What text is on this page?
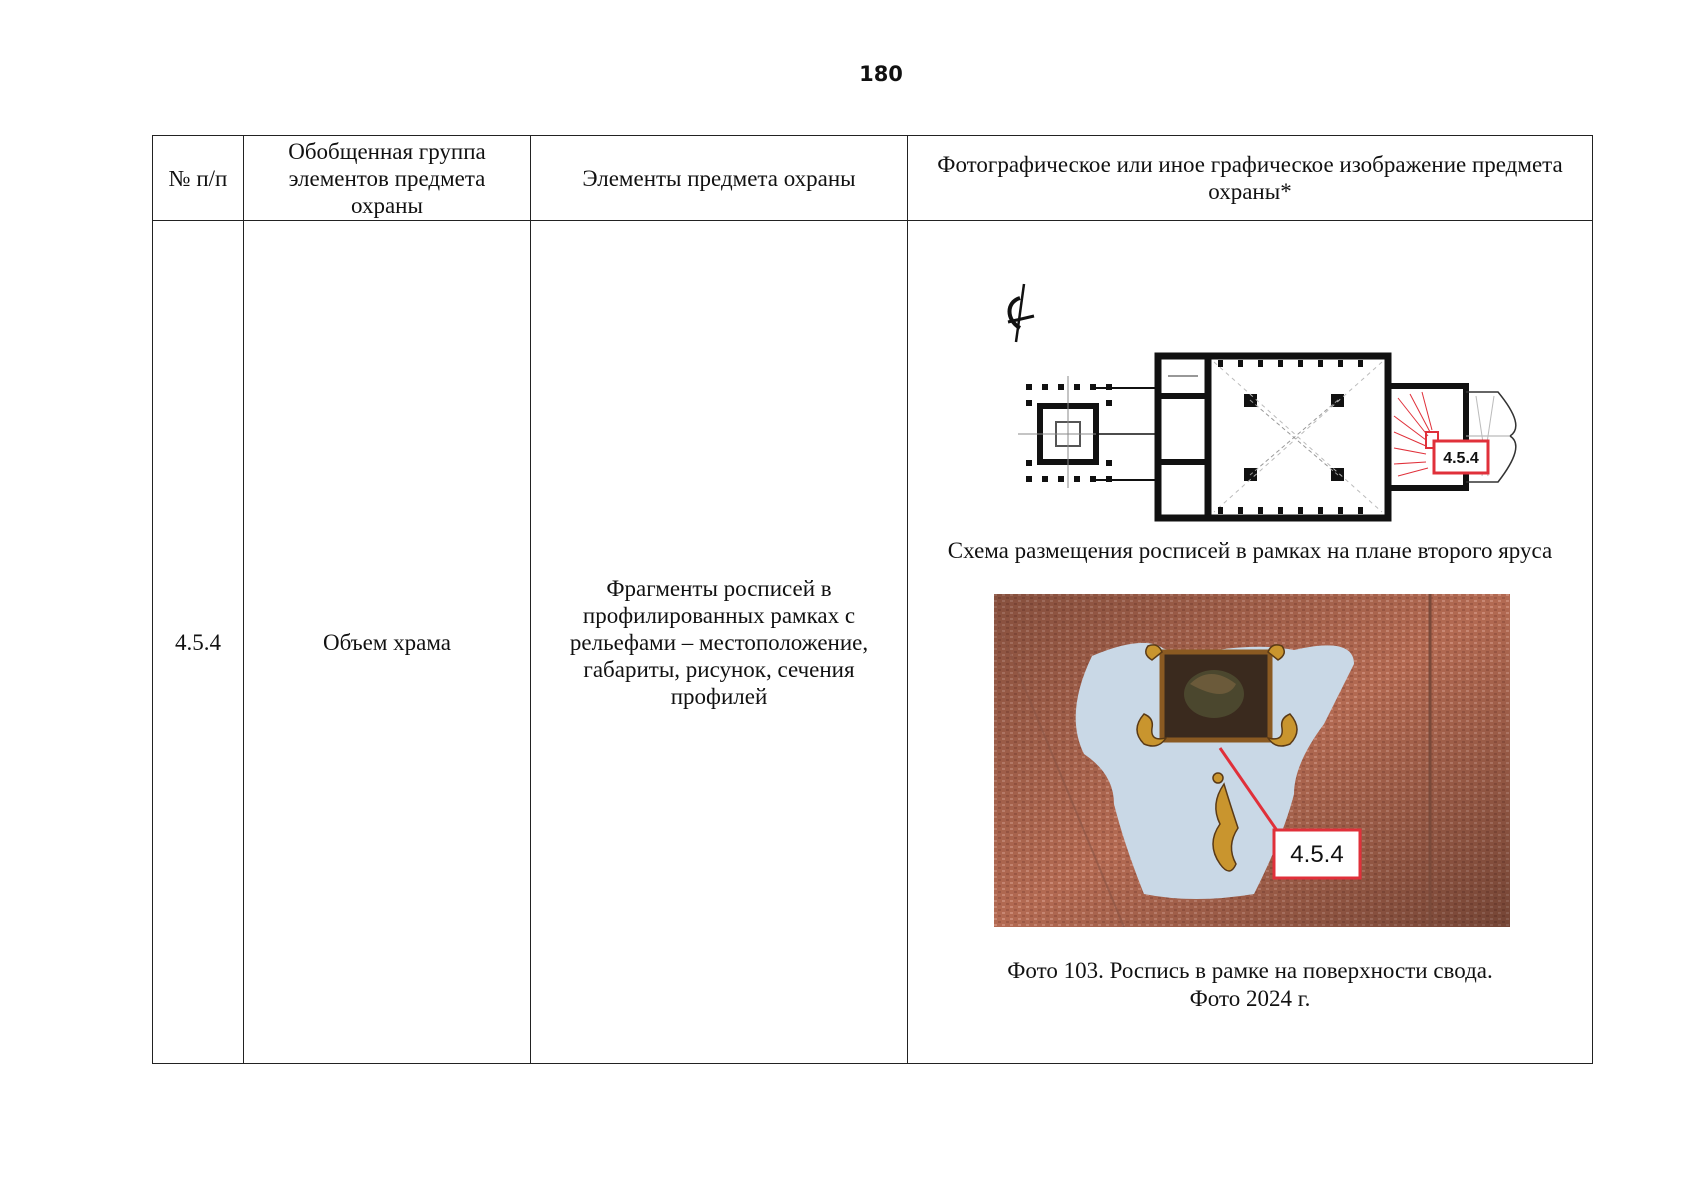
180
№ п/п	Обобщенная группа элементов предмета охраны	Элементы предмета охраны	Фотографическое или иное графическое изображение предмета охраны*
4.5.4	Объем храма	Фрагменты росписей в профилированных рамках с рельефами – местоположение, габариты, рисунок, сечения профилей	4.5.4
Схема размещения росписей в рамках на плане второго яруса
4.5.4
Фото 103. Роспись в рамке на поверхности свода.
Фото 2024 г.
